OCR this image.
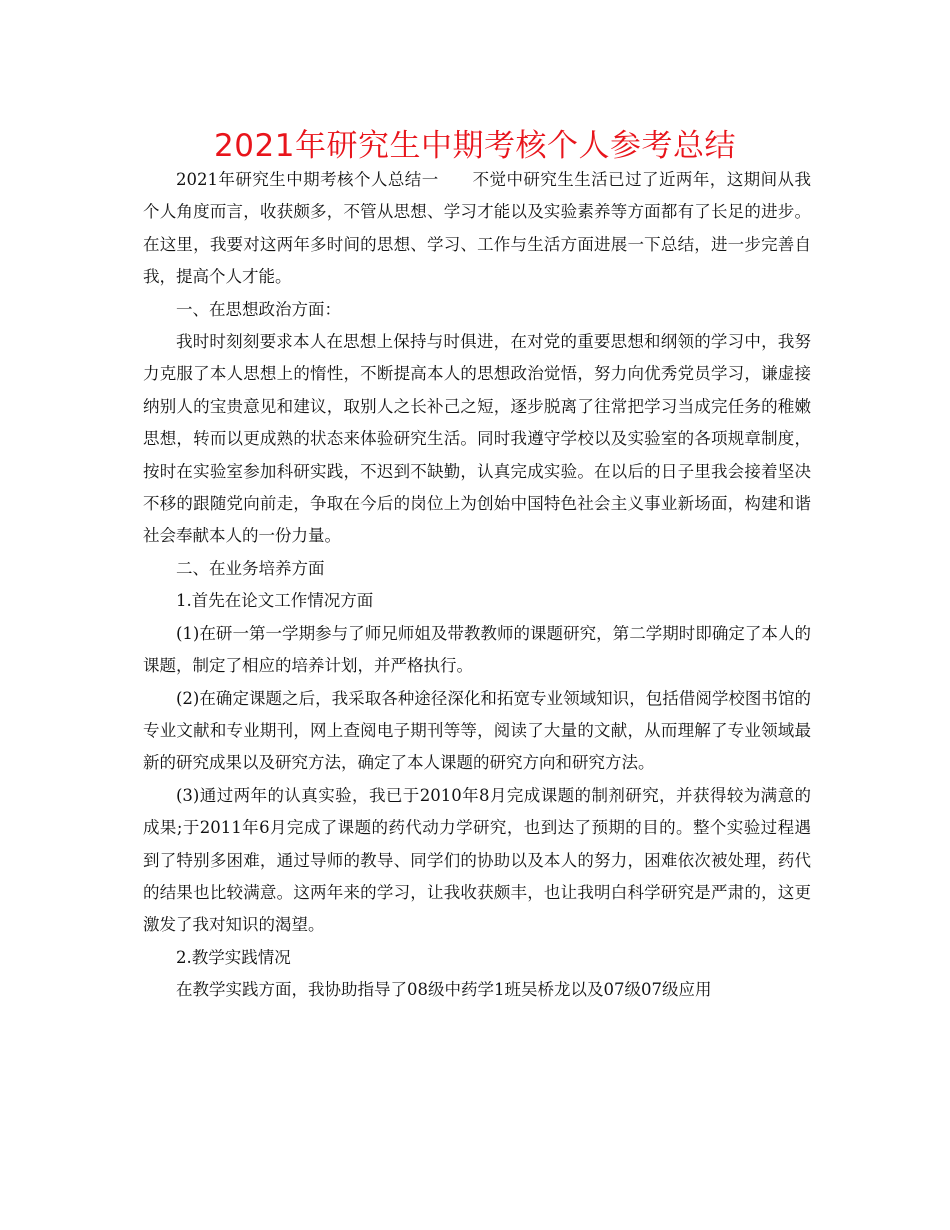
2021年研究生中期考核个人参考总结

2021年研究生中期考核个人总结一　　不觉中研究生生活已过了近两年，这期间从我个人角度而言，收获颇多，不管从思想、学习才能以及实验素养等方面都有了长足的进步。在这里，我要对这两年多时间的思想、学习、工作与生活方面进展一下总结，进一步完善自我，提高个人才能。

一、在思想政治方面：

我时时刻刻要求本人在思想上保持与时俱进，在对党的重要思想和纲领的学习中，我努力克服了本人思想上的惰性，不断提高本人的思想政治觉悟，努力向优秀党员学习，谦虚接纳别人的宝贵意见和建议，取别人之长补己之短，逐步脱离了往常把学习当成完任务的稚嫩思想，转而以更成熟的状态来体验研究生活。同时我遵守学校以及实验室的各项规章制度，按时在实验室参加科研实践，不迟到不缺勤，认真完成实验。在以后的日子里我会接着坚决不移的跟随党向前走，争取在今后的岗位上为创始中国特色社会主义事业新场面，构建和谐社会奉献本人的一份力量。

二、在业务培养方面

1.首先在论文工作情况方面

(1)在研一第一学期参与了师兄师姐及带教教师的课题研究，第二学期时即确定了本人的课题，制定了相应的培养计划，并严格执行。

(2)在确定课题之后，我采取各种途径深化和拓宽专业领域知识，包括借阅学校图书馆的专业文献和专业期刊，网上查阅电子期刊等等，阅读了大量的文献，从而理解了专业领域最新的研究成果以及研究方法，确定了本人课题的研究方向和研究方法。

(3)通过两年的认真实验，我已于2010年8月完成课题的制剂研究，并获得较为满意的成果;于2011年6月完成了课题的药代动力学研究，也到达了预期的目的。整个实验过程遇到了特别多困难，通过导师的教导、同学们的协助以及本人的努力，困难依次被处理，药代的结果也比较满意。这两年来的学习，让我收获颇丰，也让我明白科学研究是严肃的，这更激发了我对知识的渴望。

2.教学实践情况

在教学实践方面，我协助指导了08级中药学1班吴桥龙以及07级07级应用
